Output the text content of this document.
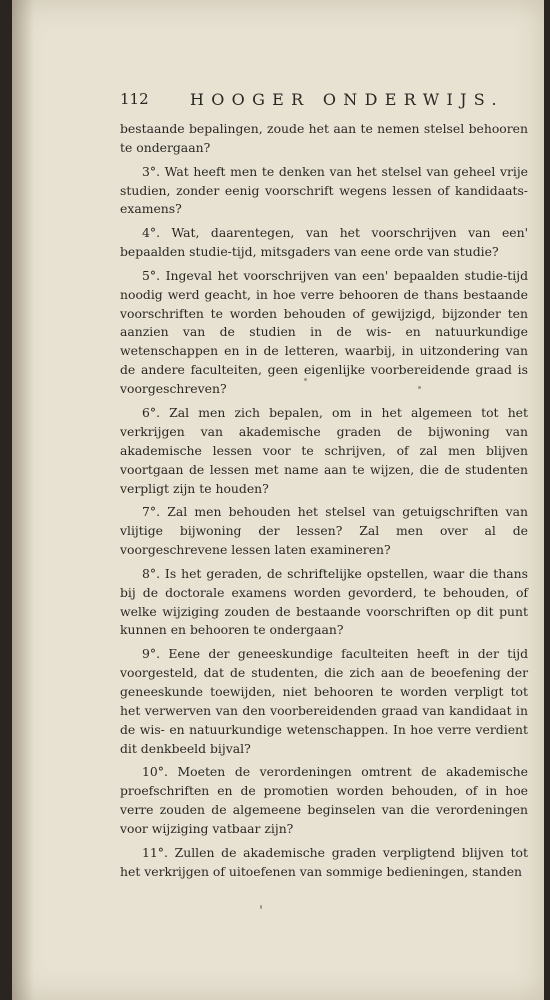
112	HOOGER ONDERWIJS.

bestaande bepalingen, zoude het aan te nemen stelsel behooren te ondergaan?

3°. Wat heeft men te denken van het stelsel van geheel vrije studien, zonder eenig voorschrift wegens lessen of kandidaats-examens?

4°. Wat, daarentegen, van het voorschrijven van een' bepaalden studie-tijd, mitsgaders van eene orde van studie?

5°. Ingeval het voorschrijven van een' bepaalden studie-tijd noodig werd geacht, in hoe verre behooren de thans bestaande voorschriften te worden behouden of gewijzigd, bijzonder ten aanzien van de studien in de wis- en natuurkundige wetenschappen en in de letteren, waarbij, in uitzondering van de andere faculteiten, geen eigenlijke voorbereidende graad is voorgeschreven?

6°. Zal men zich bepalen, om in het algemeen tot het verkrijgen van akademische graden de bijwoning van akademische lessen voor te schrijven, of zal men blijven voortgaan de lessen met name aan te wijzen, die de studenten verpligt zijn te houden?

7°. Zal men behouden het stelsel van getuigschriften van vlijtige bijwoning der lessen? Zal men over al de voorgeschrevene lessen laten examineren?

8°. Is het geraden, de schriftelijke opstellen, waar die thans bij de doctorale examens worden gevorderd, te behouden, of welke wijziging zouden de bestaande voorschriften op dit punt kunnen en behooren te ondergaan?

9°. Eene der geneeskundige faculteiten heeft in der tijd voorgesteld, dat de studenten, die zich aan de beoefening der geneeskunde toewijden, niet behooren te worden verpligt tot het verwerven van den voorbereidenden graad van kandidaat in de wis- en natuurkundige wetenschappen. In hoe verre verdient dit denkbeeld bijval?

10°. Moeten de verordeningen omtrent de akademische proefschriften en de promotien worden behouden, of in hoe verre zouden de algemeene beginselen van die verordeningen voor wijziging vatbaar zijn?

11°. Zullen de akademische graden verpligtend blijven tot het verkrijgen of uitoefenen van sommige bedieningen, standen
